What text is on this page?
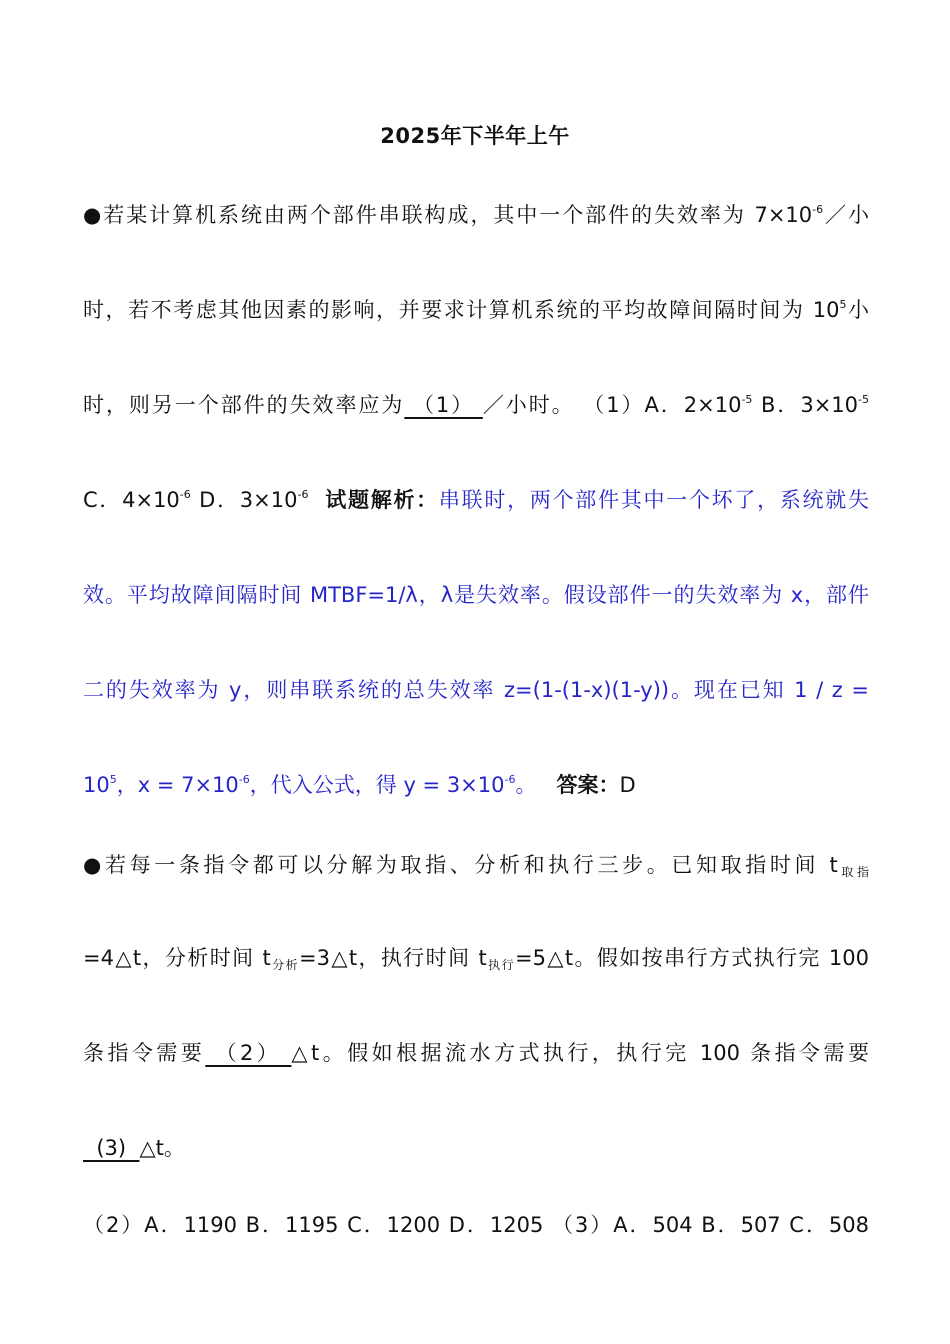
2025年下半年上午
●若某计算机系统由两个部件串联构成，其中一个部件的失效率为 $7\times 10^{-6}/$小
时，若不考虑其他因素的影响，并要求计算机系统的平均故障间隔时间为 $10^5$小
时，则另一个部件的失效率应为 （1） ／小时。 （1）A．$2\times 10^{-5}$ B．$3\times 10^{-5}$
C．$4\times 10^{-6}$ D．$3\times 10^{-6}$ 试题解析：串联时，两个部件其中一个坏了，系统就失
效。平均故障间隔时间 MTBF=1/λ，λ是失效率。假设部件一的失效率为 x，部件
二的失效率为 y，则串联系统的总失效率 z=(1-(1-x)(1-y))。现在已知 1 / z =
$10^5$，$x = 7\times 10^{-6}$，代入公式，得 $y = 3\times 10^{-6}$。 答案：D
●若每一条指令都可以分解为取指、分析和执行三步。已知取指时间 $t_{取指}$
=4△t，分析时间 $t_{分析}=3\triangle t$，执行时间 $t_{执行}=5\triangle t$。假如按串行方式执行完 100
条指令需要 （2） △t。假如根据流水方式执行，执行完 100 条指令需要
(3)  △t。
（2）A．1190 B．1195 C．1200 D．1205 （3）A．504 B．507 C．508
